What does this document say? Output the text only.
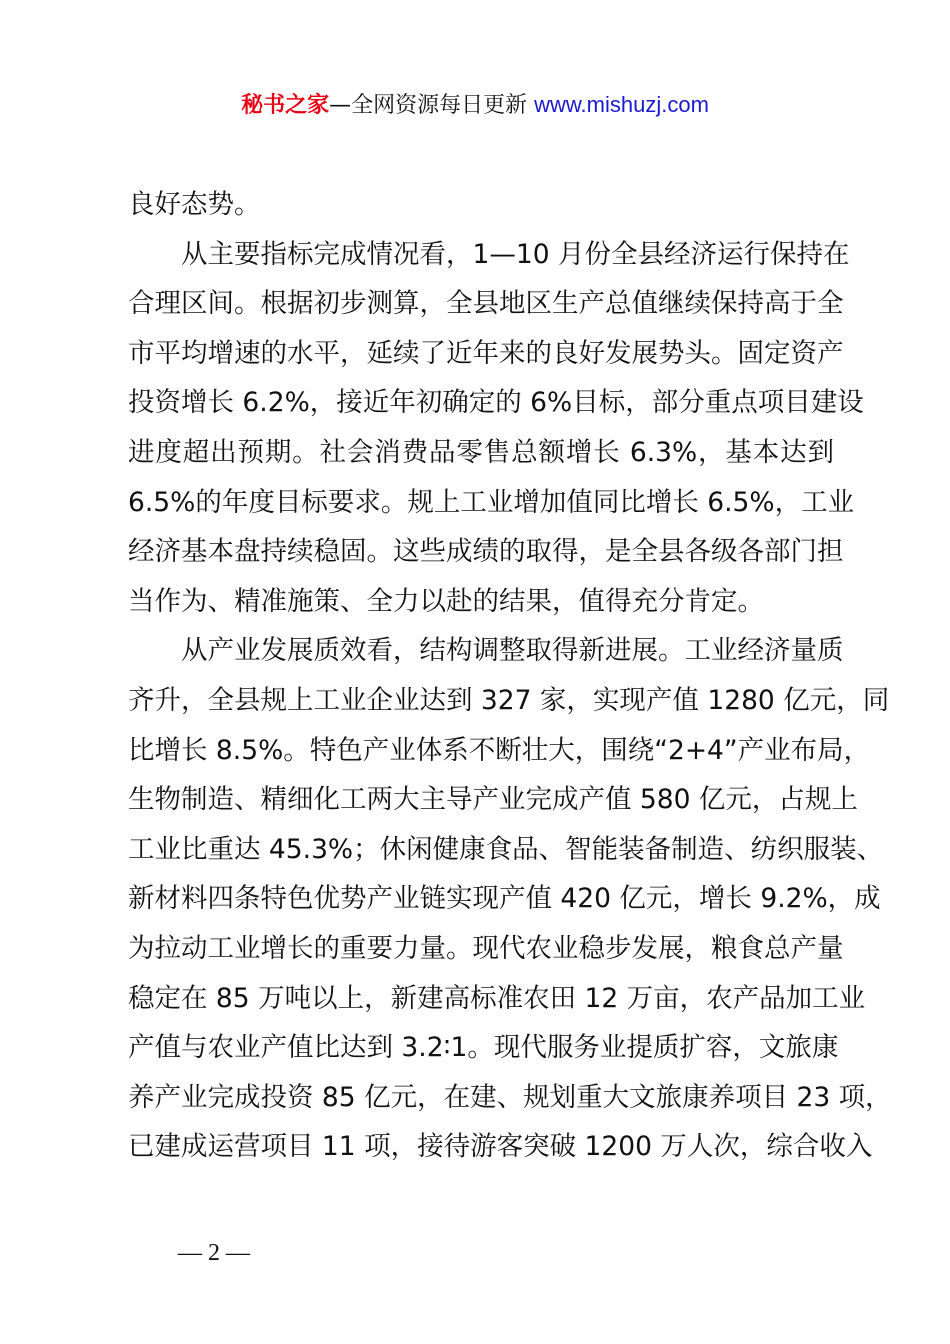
秘书之家—全网资源每日更新 www.mishuzj.com
良好态势。
从主要指标完成情况看，1—10 月份全县经济运行保持在
合理区间。根据初步测算，全县地区生产总值继续保持高于全
市平均增速的水平，延续了近年来的良好发展势头。固定资产
投资增长 6.2%，接近年初确定的 6%目标，部分重点项目建设
进度超出预期。社会消费品零售总额增长 6.3%，基本达到
6.5%的年度目标要求。规上工业增加值同比增长 6.5%，工业
经济基本盘持续稳固。这些成绩的取得，是全县各级各部门担
当作为、精准施策、全力以赴的结果，值得充分肯定。
从产业发展质效看，结构调整取得新进展。工业经济量质
齐升，全县规上工业企业达到 327 家，实现产值 1280 亿元，同
比增长 8.5%。特色产业体系不断壮大，围绕“2+4”产业布局，
生物制造、精细化工两大主导产业完成产值 580 亿元，占规上
工业比重达 45.3%；休闲健康食品、智能装备制造、纺织服装、
新材料四条特色优势产业链实现产值 420 亿元，增长 9.2%，成
为拉动工业增长的重要力量。现代农业稳步发展，粮食总产量
稳定在 85 万吨以上，新建高标准农田 12 万亩，农产品加工业
产值与农业产值比达到 3.2∶1。现代服务业提质扩容，文旅康
养产业完成投资 85 亿元，在建、规划重大文旅康养项目 23 项，
已建成运营项目 11 项，接待游客突破 1200 万人次，综合收入
— 2 —
